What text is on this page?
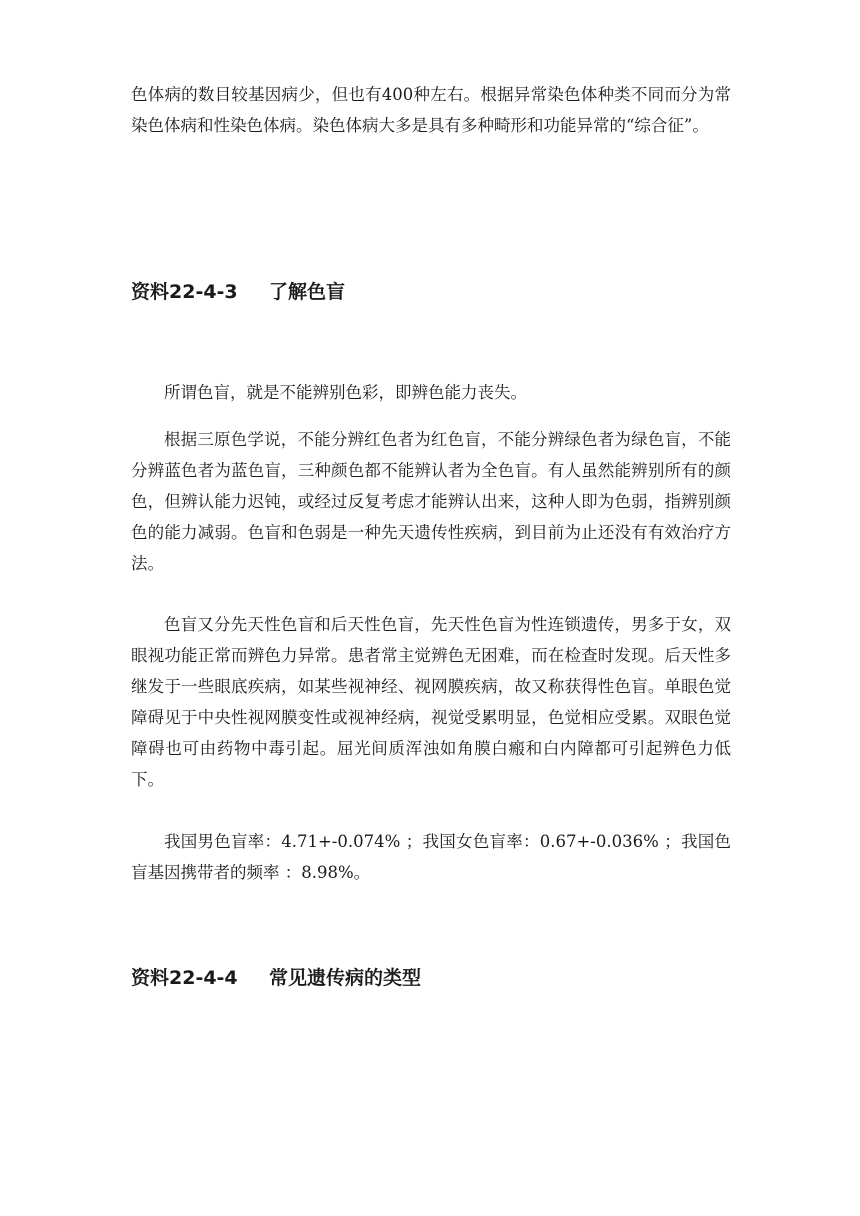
色体病的数目较基因病少，但也有400种左右。根据异常染色体种类不同而分为常染色体病和性染色体病。染色体病大多是具有多种畸形和功能异常的“综合征”。

资料22-4-3 了解色盲

所谓色盲，就是不能辨别色彩，即辨色能力丧失。

根据三原色学说，不能分辨红色者为红色盲，不能分辨绿色者为绿色盲，不能分辨蓝色者为蓝色盲，三种颜色都不能辨认者为全色盲。有人虽然能辨别所有的颜色，但辨认能力迟钝，或经过反复考虑才能辨认出来，这种人即为色弱，指辨别颜色的能力减弱。色盲和色弱是一种先天遗传性疾病，到目前为止还没有有效治疗方法。

色盲又分先天性色盲和后天性色盲，先天性色盲为性连锁遗传，男多于女，双眼视功能正常而辨色力异常。患者常主觉辨色无困难，而在检查时发现。后天性多继发于一些眼底疾病，如某些视神经、视网膜疾病，故又称获得性色盲。单眼色觉障碍见于中央性视网膜变性或视神经病，视觉受累明显，色觉相应受累。双眼色觉障碍也可由药物中毒引起。屈光间质浑浊如角膜白瘢和白内障都可引起辨色力低下。

我国男色盲率：4.71+-0.074% ；我国女色盲率：0.67+-0.036% ；我国色盲基因携带者的频率 ：8.98%。

资料22-4-4 常见遗传病的类型
